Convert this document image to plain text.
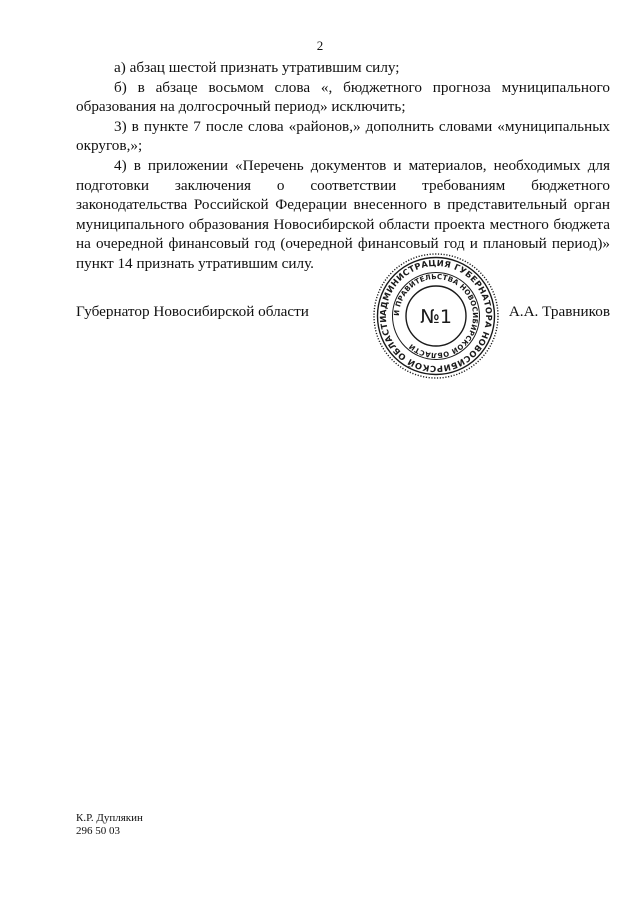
2

а) абзац шестой признать утратившим силу;

б) в абзаце восьмом слова «, бюджетного прогноза муниципального образования на долгосрочный период» исключить;

3) в пункте 7 после слова «районов,» дополнить словами «муниципальных округов,»;

4) в приложении «Перечень документов и материалов, необходимых для подготовки заключения о соответствии требованиям бюджетного законодательства Российской Федерации внесенного в представительный орган муниципального образования Новосибирской области проекта местного бюджета на очередной финансовый год (очередной финансовый год и плановый период)» пункт 14 признать утратившим силу.

Губернатор Новосибирской области	А.А. Травников
АДМИНИСТРАЦИЯ ГУБЕРНАТОРА НОВОСИБИРСКОЙ ОБЛАСТИ
И ПРАВИТЕЛЬСТВА НОВОСИБИРСКОЙ ОБЛАСТИ
№1
К.Р. Дуплякин
296 50 03
